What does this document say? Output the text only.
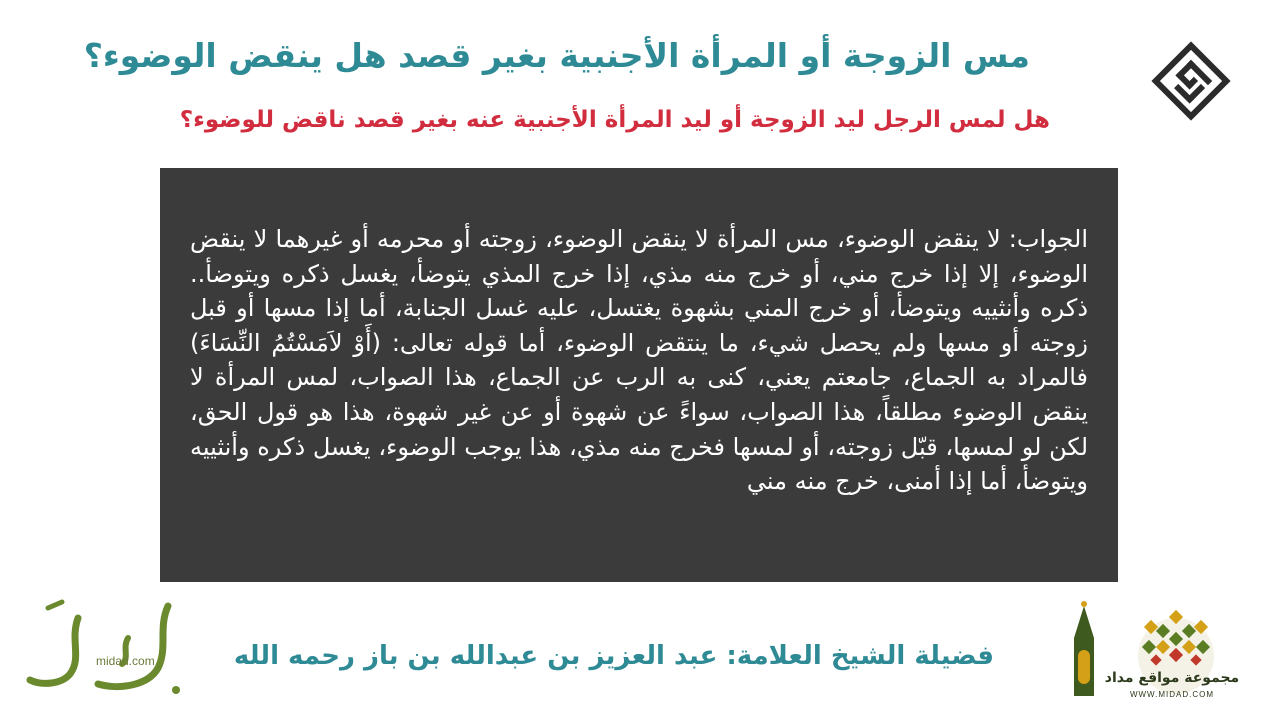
مس الزوجة أو المرأة الأجنبية بغير قصد هل ينقض الوضوء؟
هل لمس الرجل ليد الزوجة أو ليد المرأة الأجنبية عنه بغير قصد ناقض للوضوء؟

الجواب: لا ينقض الوضوء، مس المرأة لا ينقض الوضوء، زوجته أو محرمه أو غيرهما لا ينقض الوضوء، إلا إذا خرج مني، أو خرج منه مذي، إذا خرج المذي يتوضأ، يغسل ذكره ويتوضأ.. ذكره وأنثييه ويتوضأ، أو خرج المني بشهوة يغتسل، عليه غسل الجنابة، أما إذا مسها أو قبل زوجته أو مسها ولم يحصل شيء، ما ينتقض الوضوء، أما قوله تعالى: (أَوْ لاَمَسْتُمُ النِّسَاءَ) فالمراد به الجماع، جامعتم يعني، كنى به الرب عن الجماع، هذا الصواب، لمس المرأة لا ينقض الوضوء مطلقاً، هذا الصواب، سواءً عن شهوة أو عن غير شهوة، هذا هو قول الحق، لكن لو لمسها، قبّل زوجته، أو لمسها فخرج منه مذي، هذا يوجب الوضوء، يغسل ذكره وأنثييه ويتوضأ، أما إذا أمنى، خرج منه مني

midad.com	فضيلة الشيخ العلامة: عبد العزيز بن عبدالله بن باز رحمه الله
مجموعة مواقع مداد
WWW.MIDAD.COM
